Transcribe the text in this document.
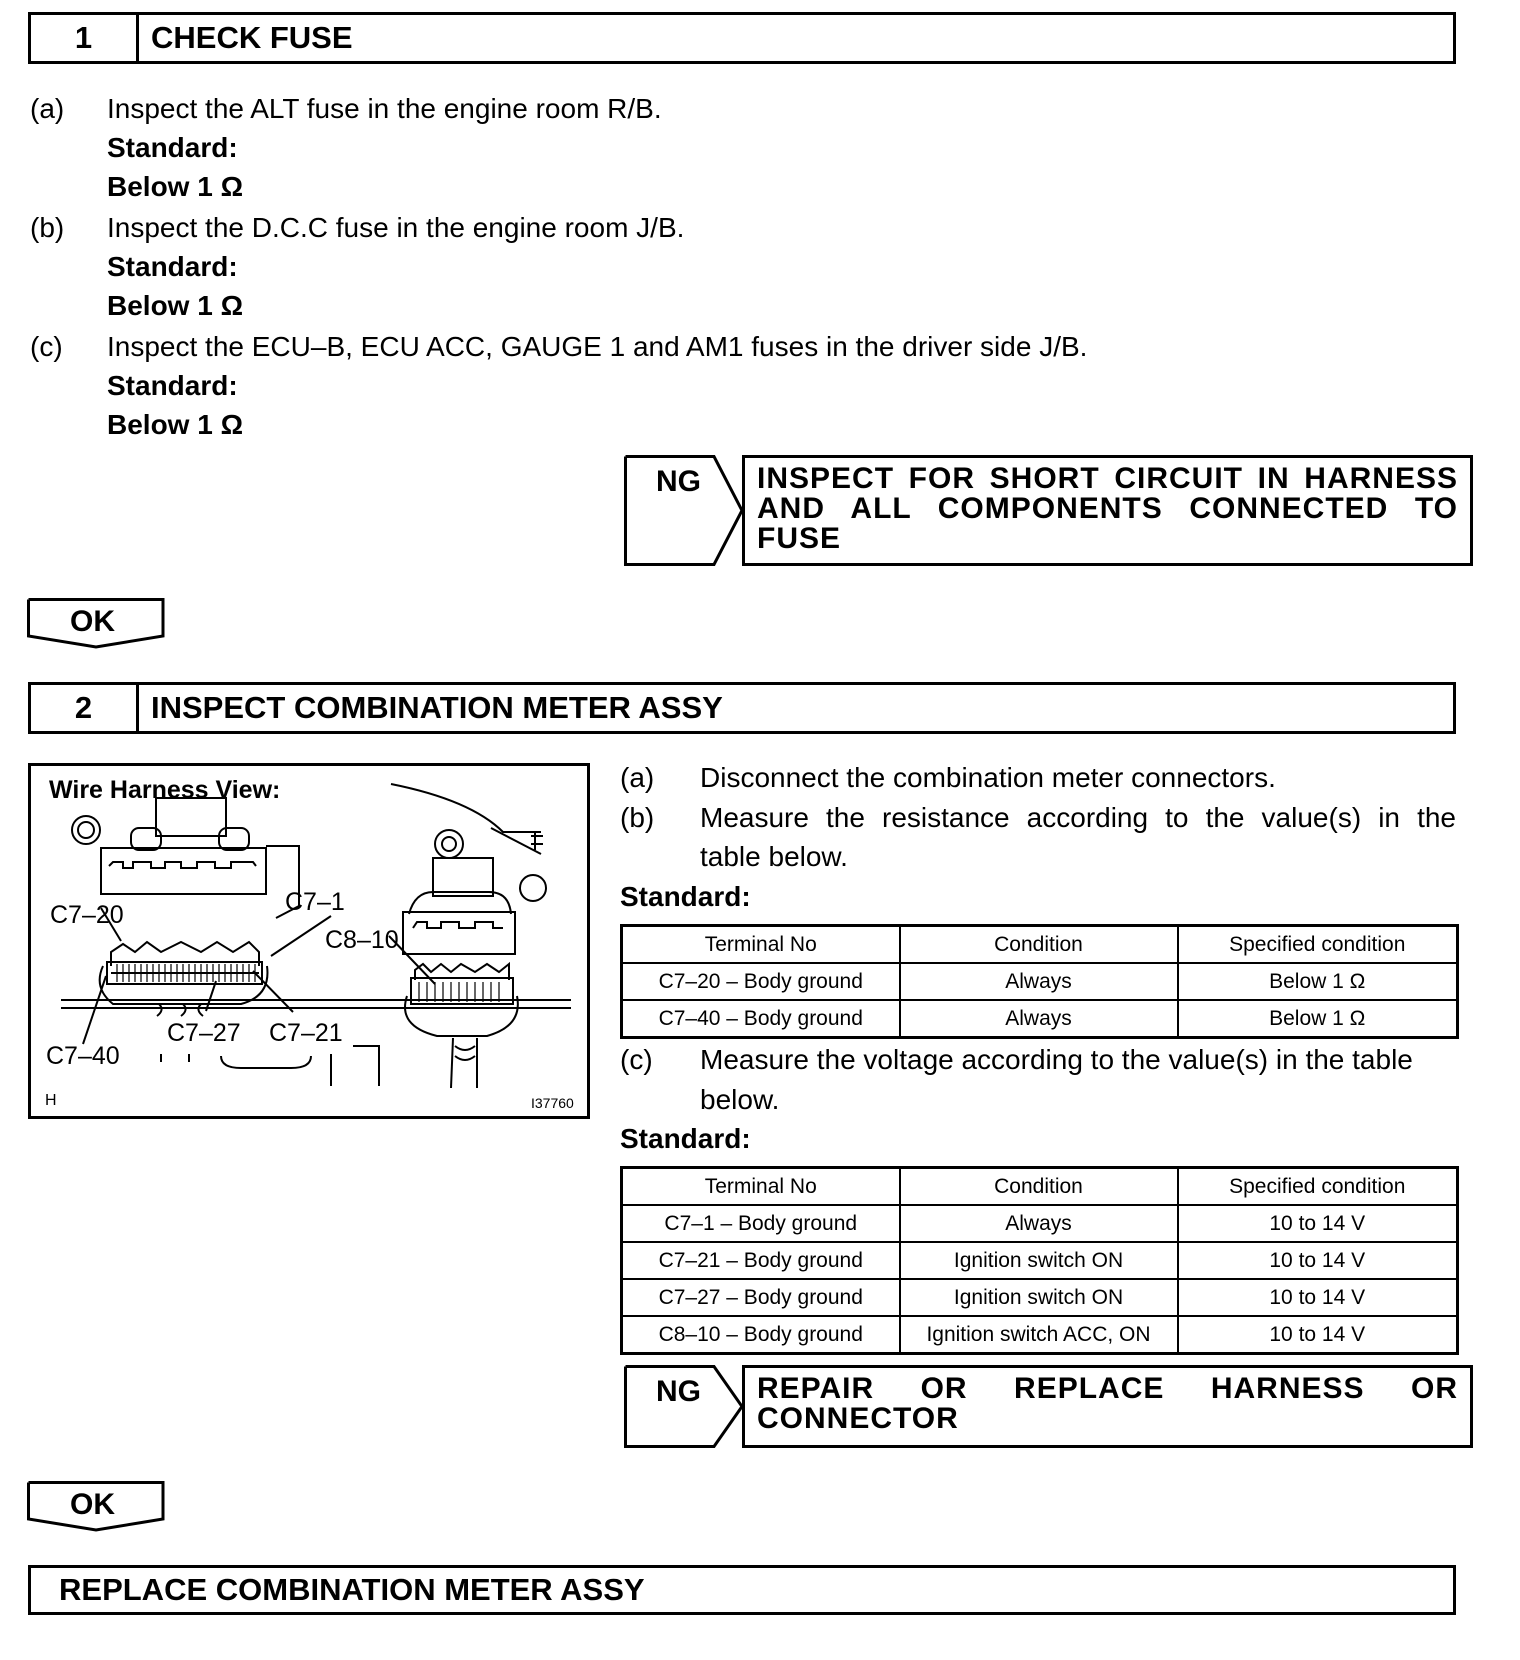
1	CHECK FUSE
(a) Inspect the ALT fuse in the engine room R/B.
Standard:
Below 1 Ω
(b) Inspect the D.C.C fuse in the engine room J/B.
Standard:
Below 1 Ω
(c) Inspect the ECU–B, ECU ACC, GAUGE 1 and AM1 fuses in the driver side J/B.
Standard:
Below 1 Ω
NG INSPECT FOR SHORT CIRCUIT IN HARNESS
AND ALL COMPONENTS CONNECTED TO
FUSE
OK
2	INSPECT COMBINATION METER ASSY
Wire Harness View:
C7–20	C7–1
C8–10
C7–27 C7–21
C7–40
H	I37760
(a) Disconnect the combination meter connectors.
(b) Measure the resistance according to the value(s) in the
table below.
Standard:
Terminal No	Condition	Specified condition
C7–20 – Body ground	Always	Below 1 Ω
C7–40 – Body ground	Always	Below 1 Ω
(c) Measure the voltage according to the value(s) in the table
below.
Standard:
Terminal No	Condition	Specified condition
C7–1 – Body ground	Always	10 to 14 V
C7–21 – Body ground	Ignition switch ON	10 to 14 V
C7–27 – Body ground	Ignition switch ON	10 to 14 V
C8–10 – Body ground	Ignition switch ACC, ON	10 to 14 V
NG REPAIR OR REPLACE HARNESS OR
CONNECTOR
OK
REPLACE COMBINATION METER ASSY
